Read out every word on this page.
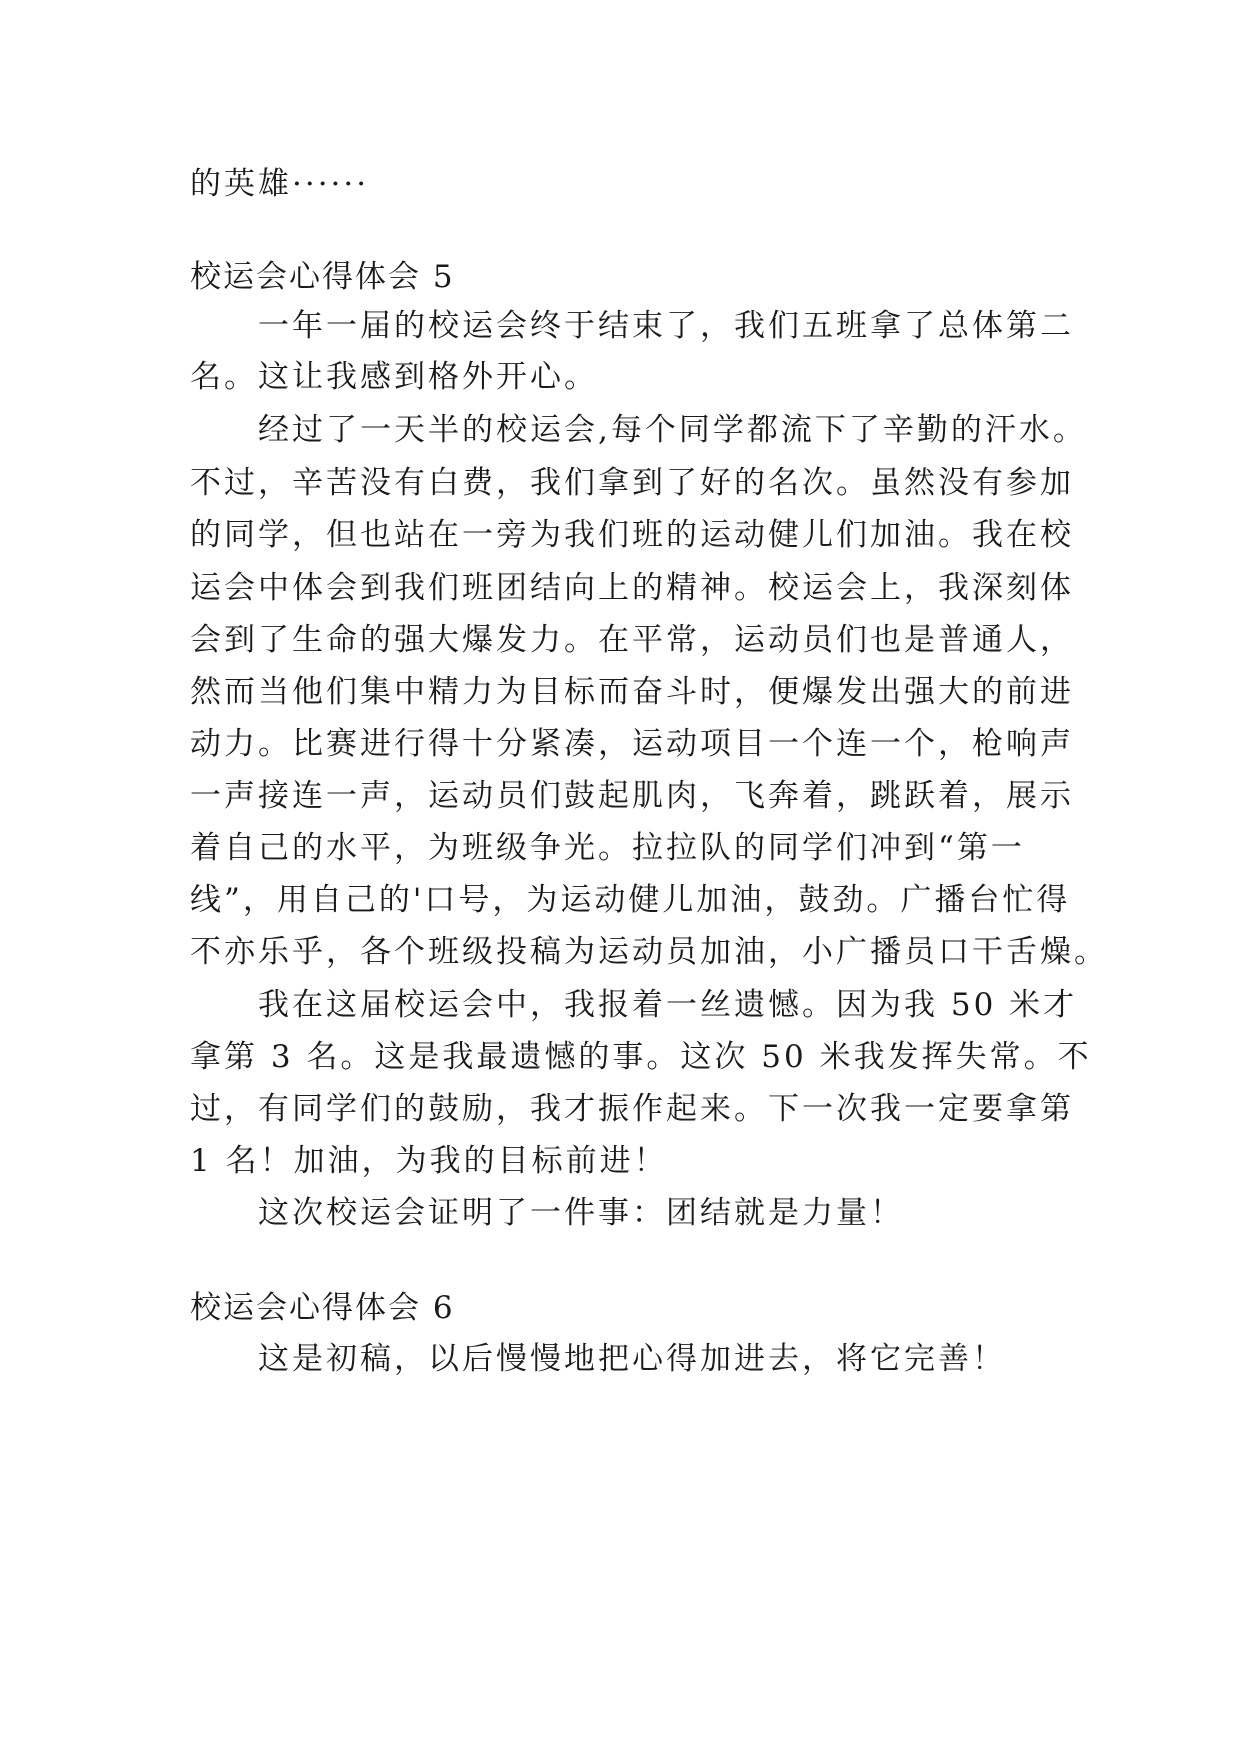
的英雄······
校运会心得体会 5
一年一届的校运会终于结束了，我们五班拿了总体第二
名。这让我感到格外开心。
经过了一天半的校运会,每个同学都流下了辛勤的汗水。
不过，辛苦没有白费，我们拿到了好的名次。虽然没有参加
的同学，但也站在一旁为我们班的运动健儿们加油。我在校
运会中体会到我们班团结向上的精神。校运会上，我深刻体
会到了生命的强大爆发力。在平常，运动员们也是普通人，
然而当他们集中精力为目标而奋斗时，便爆发出强大的前进
动力。比赛进行得十分紧凑，运动项目一个连一个，枪响声
一声接连一声，运动员们鼓起肌肉，飞奔着，跳跃着，展示
着自己的水平，为班级争光。拉拉队的同学们冲到“第一
线”，用自己的'口号，为运动健儿加油，鼓劲。广播台忙得
不亦乐乎，各个班级投稿为运动员加油，小广播员口干舌燥。
我在这届校运会中，我报着一丝遗憾。因为我 50 米才
拿第 3 名。这是我最遗憾的事。这次 50 米我发挥失常。不
过，有同学们的鼓励，我才振作起来。下一次我一定要拿第
1 名！加油，为我的目标前进！
这次校运会证明了一件事：团结就是力量！
校运会心得体会 6
这是初稿，以后慢慢地把心得加进去，将它完善！
